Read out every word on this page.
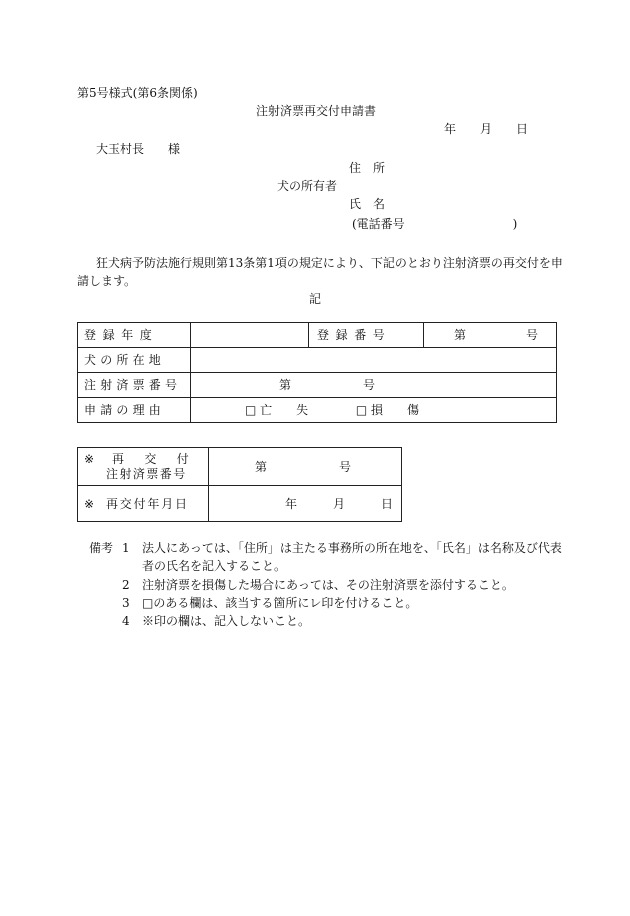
第5号様式(第6条関係)
注射済票再交付申請書
年　　月　　日
大玉村長　　様
住　所
犬の所有者
氏　名
(電話番号　　　　　　　　　)
狂犬病予防法施行規則第13条第1項の規定により、下記のとおり注射済票の再交付を申
請します。
記
登録年度		登録番号	第　　　　　号
犬の所在地			
注射済票番号	第　　　　　　号		
申請の理由	□ 亡　　失 □ 損　　傷		
※ 再　交　付
注射済票番号	第　　　　　　号
※ 再交付年月日	年　　　月　　　日
備考 1 法人にあっては、「住所」は主たる事務所の所在地を、「氏名」は名称及び代表
者の氏名を記入すること。
2 注射済票を損傷した場合にあっては、その注射済票を添付すること。
3 □のある欄は、該当する箇所にレ印を付けること。
4 ※印の欄は、記入しないこと。
